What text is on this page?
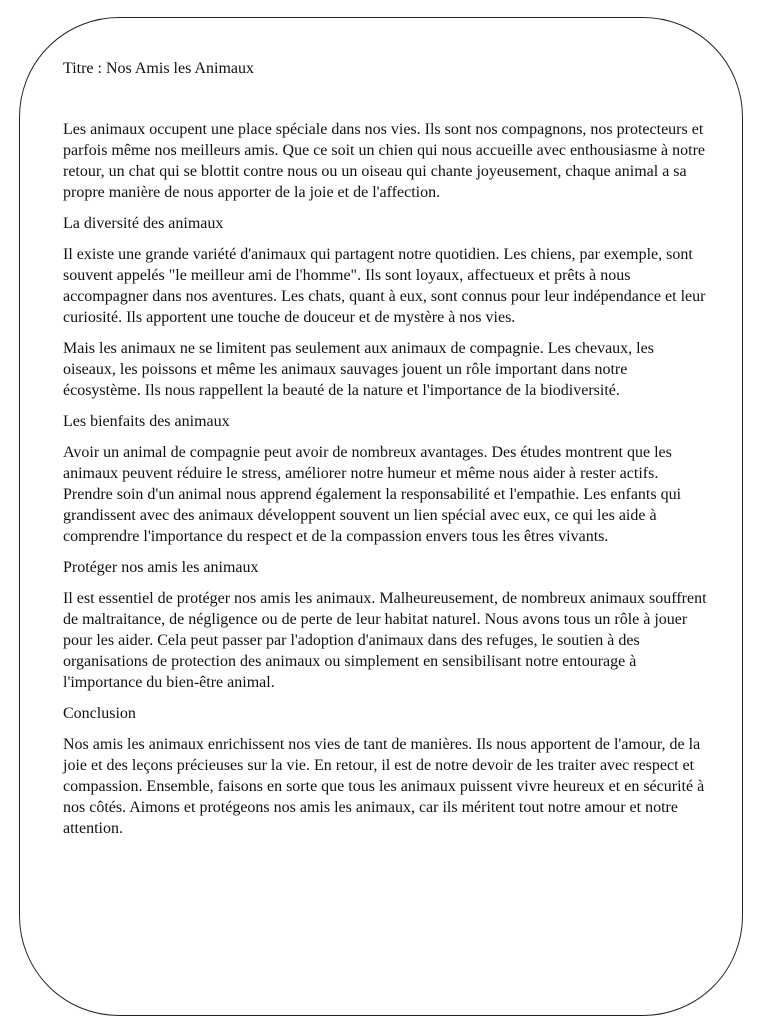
Titre : Nos Amis les Animaux

Les animaux occupent une place spéciale dans nos vies. Ils sont nos compagnons, nos protecteurs et parfois même nos meilleurs amis. Que ce soit un chien qui nous accueille avec enthousiasme à notre retour, un chat qui se blottit contre nous ou un oiseau qui chante joyeusement, chaque animal a sa propre manière de nous apporter de la joie et de l'affection.

La diversité des animaux

Il existe une grande variété d'animaux qui partagent notre quotidien. Les chiens, par exemple, sont souvent appelés "le meilleur ami de l'homme". Ils sont loyaux, affectueux et prêts à nous accompagner dans nos aventures. Les chats, quant à eux, sont connus pour leur indépendance et leur curiosité. Ils apportent une touche de douceur et de mystère à nos vies.

Mais les animaux ne se limitent pas seulement aux animaux de compagnie. Les chevaux, les oiseaux, les poissons et même les animaux sauvages jouent un rôle important dans notre écosystème. Ils nous rappellent la beauté de la nature et l'importance de la biodiversité.

Les bienfaits des animaux

Avoir un animal de compagnie peut avoir de nombreux avantages. Des études montrent que les animaux peuvent réduire le stress, améliorer notre humeur et même nous aider à rester actifs. Prendre soin d'un animal nous apprend également la responsabilité et l'empathie. Les enfants qui grandissent avec des animaux développent souvent un lien spécial avec eux, ce qui les aide à comprendre l'importance du respect et de la compassion envers tous les êtres vivants.

Protéger nos amis les animaux

Il est essentiel de protéger nos amis les animaux. Malheureusement, de nombreux animaux souffrent de maltraitance, de négligence ou de perte de leur habitat naturel. Nous avons tous un rôle à jouer pour les aider. Cela peut passer par l'adoption d'animaux dans des refuges, le soutien à des organisations de protection des animaux ou simplement en sensibilisant notre entourage à l'importance du bien-être animal.

Conclusion

Nos amis les animaux enrichissent nos vies de tant de manières. Ils nous apportent de l'amour, de la joie et des leçons précieuses sur la vie. En retour, il est de notre devoir de les traiter avec respect et compassion. Ensemble, faisons en sorte que tous les animaux puissent vivre heureux et en sécurité à nos côtés. Aimons et protégeons nos amis les animaux, car ils méritent tout notre amour et notre attention.
